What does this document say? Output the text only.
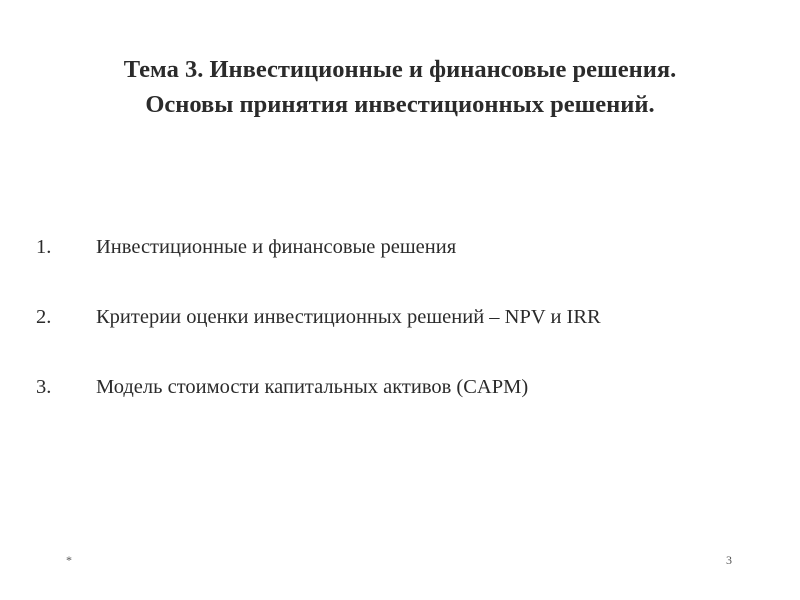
Тема 3. Инвестиционные и финансовые решения.
Основы принятия инвестиционных решений.
1. Инвестиционные и финансовые решения
2. Критерии оценки инвестиционных решений – NPV и IRR
3. Модель стоимости капитальных активов (CAPM)
*	3
